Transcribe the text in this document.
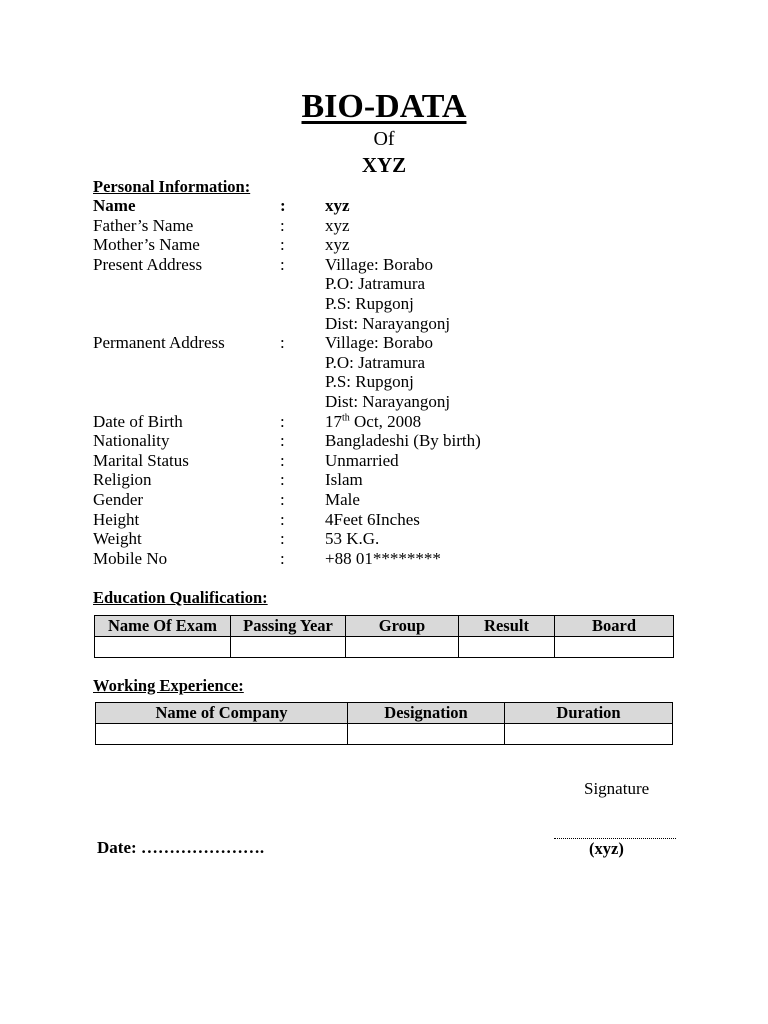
BIO-DATA
Of
XYZ
Personal Information:
Name	:	xyz
Father’s Name	:	xyz
Mother’s Name	:	xyz
Present Address	:	Village: Borabo
P.O: Jatramura
P.S: Rupgonj
Dist: Narayangonj
Permanent Address	:	Village: Borabo
P.O: Jatramura
P.S: Rupgonj
Dist: Narayangonj
Date of Birth	:	17th Oct, 2008
Nationality	:	Bangladeshi (By birth)
Marital Status	:	Unmarried
Religion	:	Islam
Gender	:	Male
Height	:	4Feet 6Inches
Weight	:	53 K.G.
Mobile No	:	+88 01********
Education Qualification:
Name Of Exam	Passing Year	Group	Result	Board

Working Experience:
Name of Company	Designation	Duration

Signature
(xyz)
Date: ………………….
